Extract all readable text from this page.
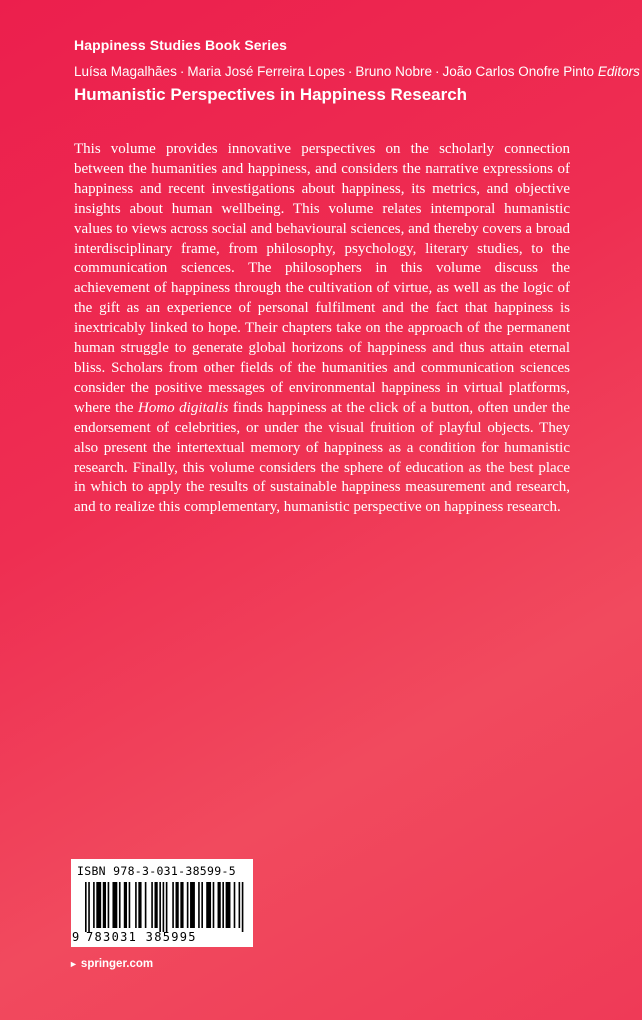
Happiness Studies Book Series
Luísa Magalhães · Maria José Ferreira Lopes · Bruno Nobre · João Carlos Onofre Pinto Editors
Humanistic Perspectives in Happiness Research
This volume provides innovative perspectives on the scholarly connection between the humanities and happiness, and considers the narrative expressions of happiness and recent investigations about happiness, its metrics, and objective insights about human wellbeing. This volume relates intemporal humanistic values to views across social and behavioural sciences, and thereby covers a broad interdisciplinary frame, from philosophy, psychology, literary studies, to the communication sciences. The philosophers in this volume discuss the achievement of happiness through the cultivation of virtue, as well as the logic of the gift as an experience of personal fulfilment and the fact that happiness is inextricably linked to hope. Their chapters take on the approach of the permanent human struggle to generate global horizons of happiness and thus attain eternal bliss. Scholars from other fields of the humanities and communication sciences consider the positive messages of environmental happiness in virtual platforms, where the Homo digitalis finds happiness at the click of a button, often under the endorsement of celebrities, or under the visual fruition of playful objects. They also present the intertextual memory of happiness as a condition for humanistic research. Finally, this volume considers the sphere of education as the best place in which to apply the results of sustainable happiness measurement and research, and to realize this complementary, humanistic perspective on happiness research.
ISBN 978-3-031-38599-5
9 783031 385995
► springer.com
